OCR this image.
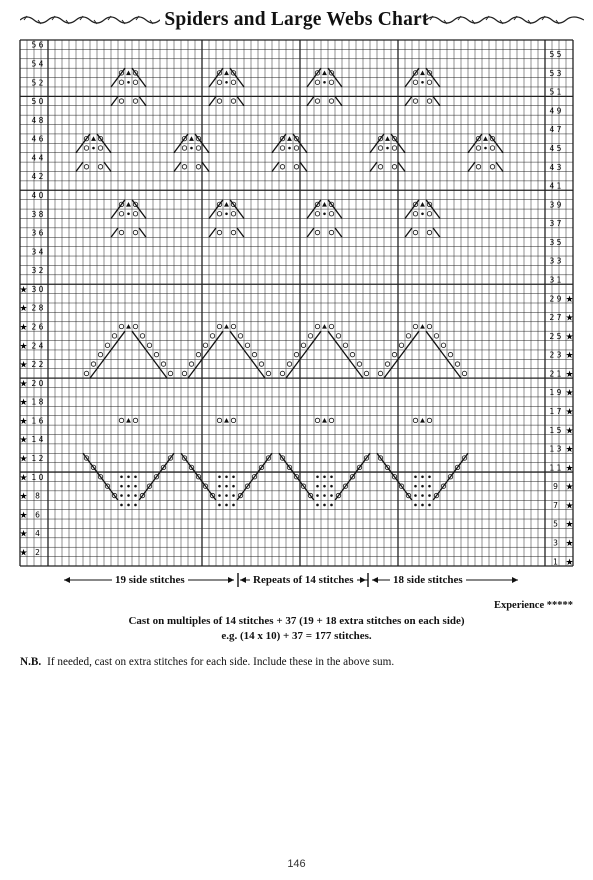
Spiders and Large Webs Chart
5 6
5 4
5 2
5 0
4 8
4 6
4 4
4 2
4 0
3 8
3 6
3 4
3 2
3 0
★
2 8
★
2 6
★
2 4
★
2 2
★
2 0
★
1 8
★
1 6
★
1 4
★
1 2
★
1 0
★
8
★
6
★
4
★
2
★
5 5
5 3
5 1
4 9
4 7
4 5
4 3
4 1
3 9
3 7
3 5
3 3
3 1
2 9 ★
2 7 ★
2 5 ★
2 3 ★
2 1 ★
1 9 ★
1 7 ★
1 5 ★
1 3 ★
1 1 ★
9 ★
7 ★
5 ★
3 ★
1 ★
19 side stitches	Repeats of 14 stitches	18 side stitches
Experience *****
Cast on multiples of 14 stitches + 37 (19 + 18 extra stitches on each side)
e.g. (14 x 10) + 37 = 177 stitches.
N.B. If needed, cast on extra stitches for each side. Include these in the above sum.
146
